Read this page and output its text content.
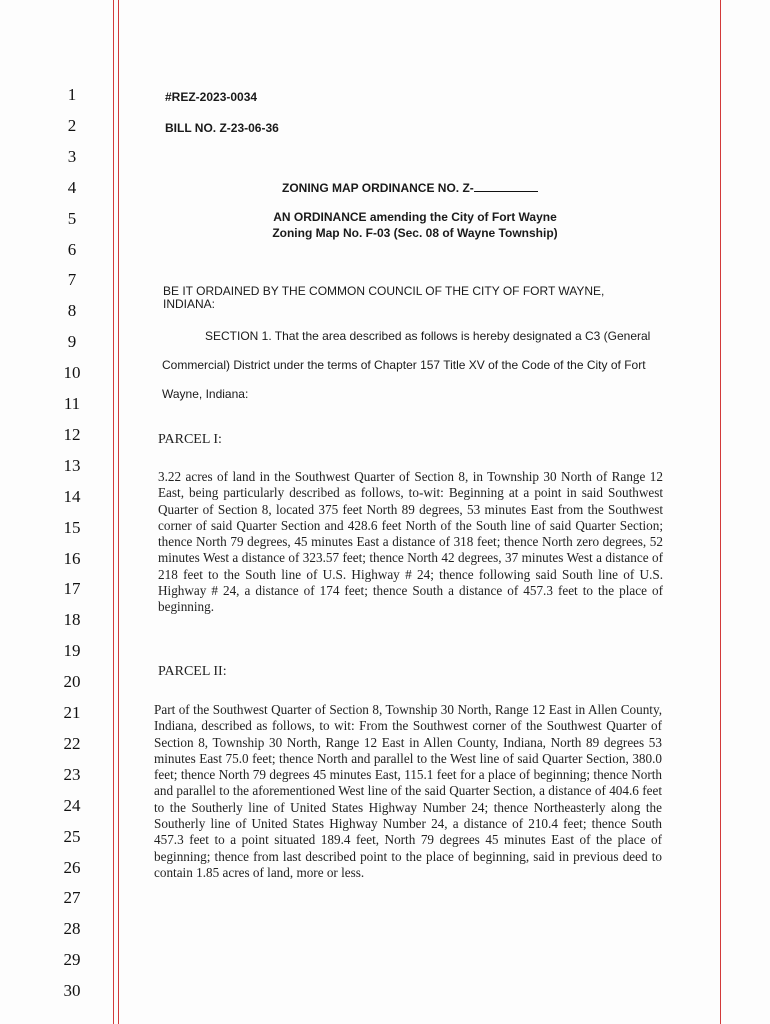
1
2
3
4
5
6
7
8
9
10
11
12
13
14
15
16
17
18
19
20
21
22
23
24
25
26
27
28
29
30
#REZ-2023-0034
BILL NO. Z-23-06-36
ZONING MAP ORDINANCE NO. Z-
AN ORDINANCE amending the City of Fort Wayne
Zoning Map No. F-03 (Sec. 08 of Wayne Township)
BE IT ORDAINED BY THE COMMON COUNCIL OF THE CITY OF FORT WAYNE,
INDIANA:
SECTION 1. That the area described as follows is hereby designated a C3 (General
Commercial) District under the terms of Chapter 157 Title XV of the Code of the City of Fort
Wayne, Indiana:
PARCEL I:
3.22 acres of land in the Southwest Quarter of Section 8, in Township 30 North of Range 12 East, being particularly described as follows, to-wit: Beginning at a point in said Southwest Quarter of Section 8, located 375 feet North 89 degrees, 53 minutes East from the Southwest corner of said Quarter Section and 428.6 feet North of the South line of said Quarter Section; thence North 79 degrees, 45 minutes East a distance of 318 feet; thence North zero degrees, 52 minutes West a distance of 323.57 feet; thence North 42 degrees, 37 minutes West a distance of 218 feet to the South line of U.S. Highway # 24; thence following said South line of U.S. Highway # 24, a distance of 174 feet; thence South a distance of 457.3 feet to the place of beginning.
PARCEL II:
Part of the Southwest Quarter of Section 8, Township 30 North, Range 12 East in Allen County, Indiana, described as follows, to wit: From the Southwest corner of the Southwest Quarter of Section 8, Township 30 North, Range 12 East in Allen County, Indiana, North 89 degrees 53 minutes East 75.0 feet; thence North and parallel to the West line of said Quarter Section, 380.0 feet; thence North 79 degrees 45 minutes East, 115.1 feet for a place of beginning; thence North and parallel to the aforementioned West line of the said Quarter Section, a distance of 404.6 feet to the Southerly line of United States Highway Number 24; thence Northeasterly along the Southerly line of United States Highway Number 24, a distance of 210.4 feet; thence South 457.3 feet to a point situated 189.4 feet, North 79 degrees 45 minutes East of the place of beginning; thence from last described point to the place of beginning, said in previous deed to contain 1.85 acres of land, more or less.
